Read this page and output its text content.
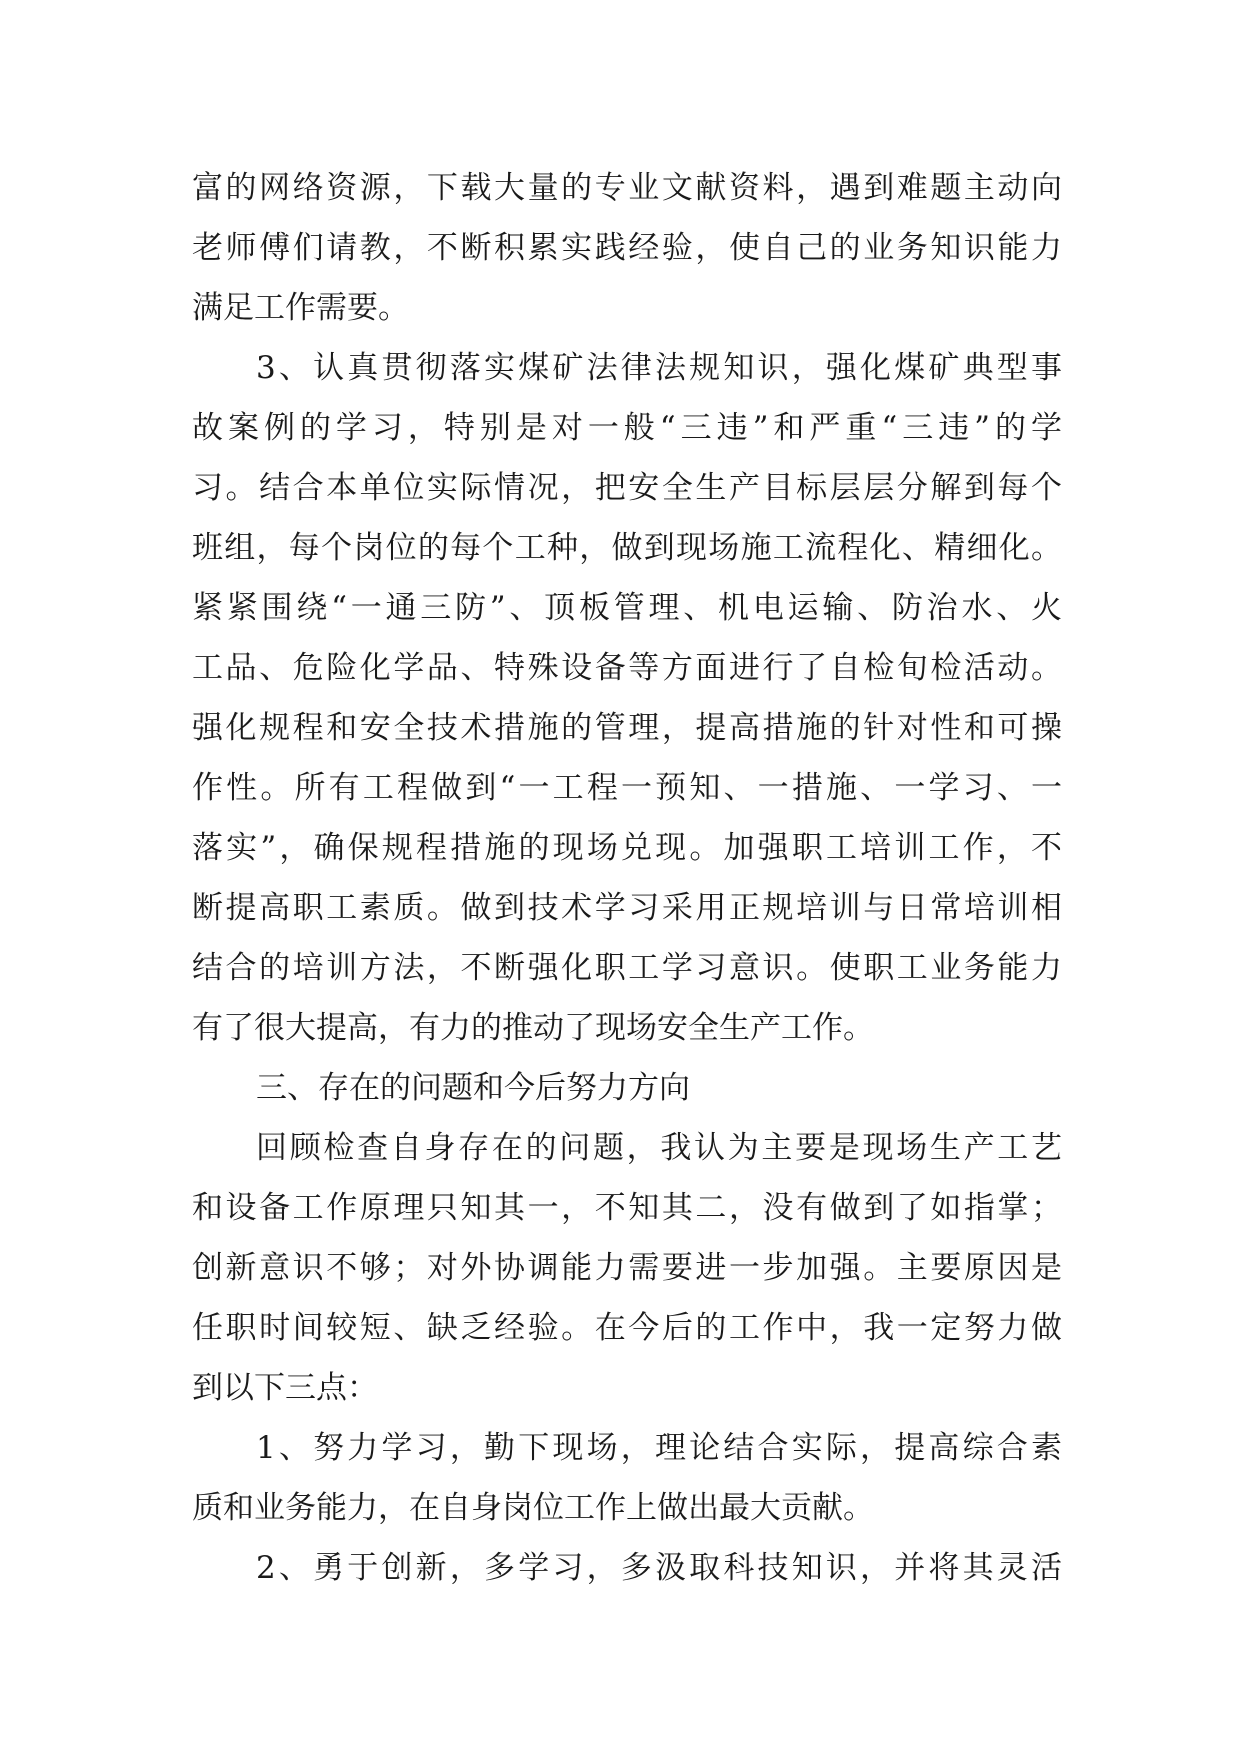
富的网络资源，下载大量的专业文献资料，遇到难题主动向
老师傅们请教，不断积累实践经验，使自己的业务知识能力
满足工作需要。
3、认真贯彻落实煤矿法律法规知识，强化煤矿典型事
故案例的学习，特别是对一般“三违”和严重“三违”的学
习。结合本单位实际情况，把安全生产目标层层分解到每个
班组，每个岗位的每个工种，做到现场施工流程化、精细化。
紧紧围绕“一通三防”、顶板管理、机电运输、防治水、火
工品、危险化学品、特殊设备等方面进行了自检旬检活动。
强化规程和安全技术措施的管理，提高措施的针对性和可操
作性。所有工程做到“一工程一预知、一措施、一学习、一
落实”，确保规程措施的现场兑现。加强职工培训工作，不
断提高职工素质。做到技术学习采用正规培训与日常培训相
结合的培训方法，不断强化职工学习意识。使职工业务能力
有了很大提高，有力的推动了现场安全生产工作。
三、存在的问题和今后努力方向
回顾检查自身存在的问题，我认为主要是现场生产工艺
和设备工作原理只知其一，不知其二，没有做到了如指掌；
创新意识不够；对外协调能力需要进一步加强。主要原因是
任职时间较短、缺乏经验。在今后的工作中，我一定努力做
到以下三点：
1、努力学习，勤下现场，理论结合实际，提高综合素
质和业务能力，在自身岗位工作上做出最大贡献。
2、勇于创新，多学习，多汲取科技知识，并将其灵活
